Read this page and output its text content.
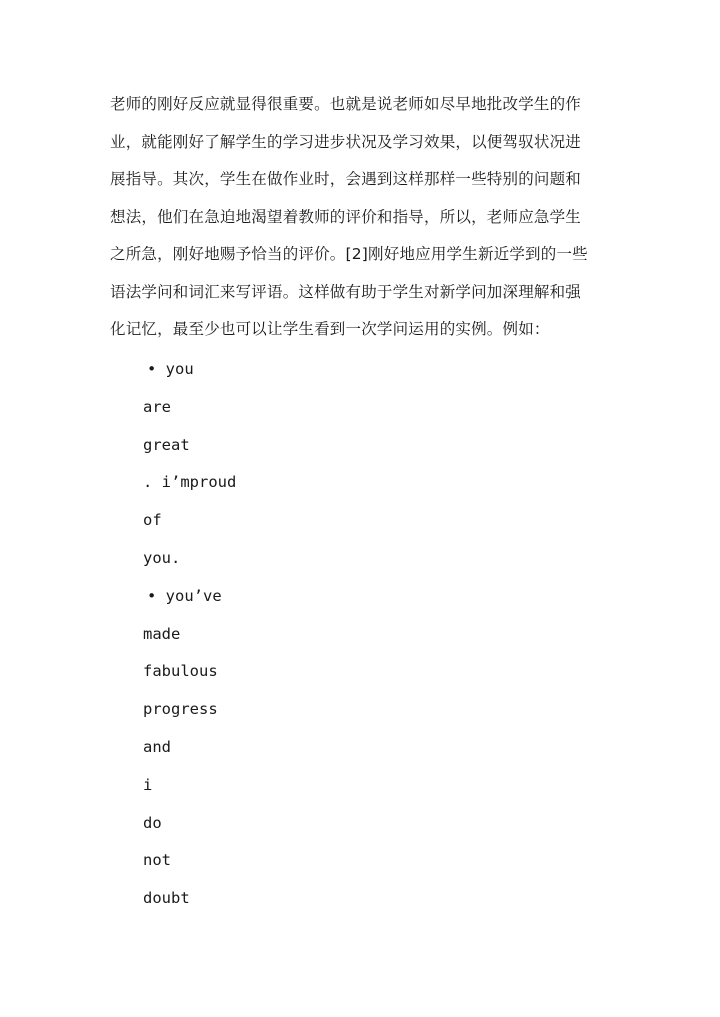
老师的刚好反应就显得很重要。也就是说老师如尽早地批改学生的作
业，就能刚好了解学生的学习进步状况及学习效果，以便驾驭状况进
展指导。其次，学生在做作业时，会遇到这样那样一些特别的问题和
想法，他们在急迫地渴望着教师的评价和指导，所以，老师应急学生
之所急，刚好地赐予恰当的评价。[2]刚好地应用学生新近学到的一些
语法学问和词汇来写评语。这样做有助于学生对新学问加深理解和强
化记忆，最至少也可以让学生看到一次学问运用的实例。例如：
• you
are
great
. i’mproud
of
you.
• you’ve
made
fabulous
progress
and
i
do
not
doubt
